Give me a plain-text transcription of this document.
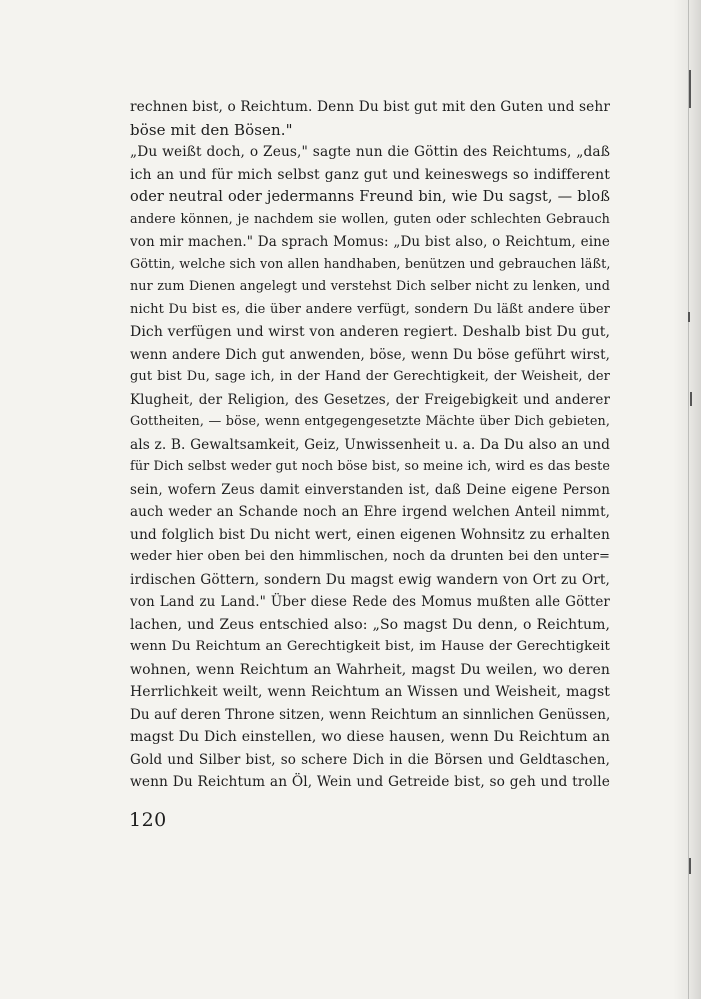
rechnen bist, o Reichtum. Denn Du bist gut mit den Guten und sehr
böse mit den Bösen."
„Du weißt doch, o Zeus," sagte nun die Göttin des Reichtums, „daß
ich an und für mich selbst ganz gut und keineswegs so indifferent
oder neutral oder jedermanns Freund bin, wie Du sagst, — bloß
andere können, je nachdem sie wollen, guten oder schlechten Gebrauch
von mir machen." Da sprach Momus: „Du bist also, o Reichtum, eine
Göttin, welche sich von allen handhaben, benützen und gebrauchen läßt,
nur zum Dienen angelegt und verstehst Dich selber nicht zu lenken, und
nicht Du bist es, die über andere verfügt, sondern Du läßt andere über
Dich verfügen und wirst von anderen regiert. Deshalb bist Du gut,
wenn andere Dich gut anwenden, böse, wenn Du böse geführt wirst,
gut bist Du, sage ich, in der Hand der Gerechtigkeit, der Weisheit, der
Klugheit, der Religion, des Gesetzes, der Freigebigkeit und anderer
Gottheiten, — böse, wenn entgegengesetzte Mächte über Dich gebieten,
als z. B. Gewaltsamkeit, Geiz, Unwissenheit u. a. Da Du also an und
für Dich selbst weder gut noch böse bist, so meine ich, wird es das beste
sein, wofern Zeus damit einverstanden ist, daß Deine eigene Person
auch weder an Schande noch an Ehre irgend welchen Anteil nimmt,
und folglich bist Du nicht wert, einen eigenen Wohnsitz zu erhalten
weder hier oben bei den himmlischen, noch da drunten bei den unter=
irdischen Göttern, sondern Du magst ewig wandern von Ort zu Ort,
von Land zu Land." Über diese Rede des Momus mußten alle Götter
lachen, und Zeus entschied also: „So magst Du denn, o Reichtum,
wenn Du Reichtum an Gerechtigkeit bist, im Hause der Gerechtigkeit
wohnen, wenn Reichtum an Wahrheit, magst Du weilen, wo deren
Herrlichkeit weilt, wenn Reichtum an Wissen und Weisheit, magst
Du auf deren Throne sitzen, wenn Reichtum an sinnlichen Genüssen,
magst Du Dich einstellen, wo diese hausen, wenn Du Reichtum an
Gold und Silber bist, so schere Dich in die Börsen und Geldtaschen,
wenn Du Reichtum an Öl, Wein und Getreide bist, so geh und trolle
120
